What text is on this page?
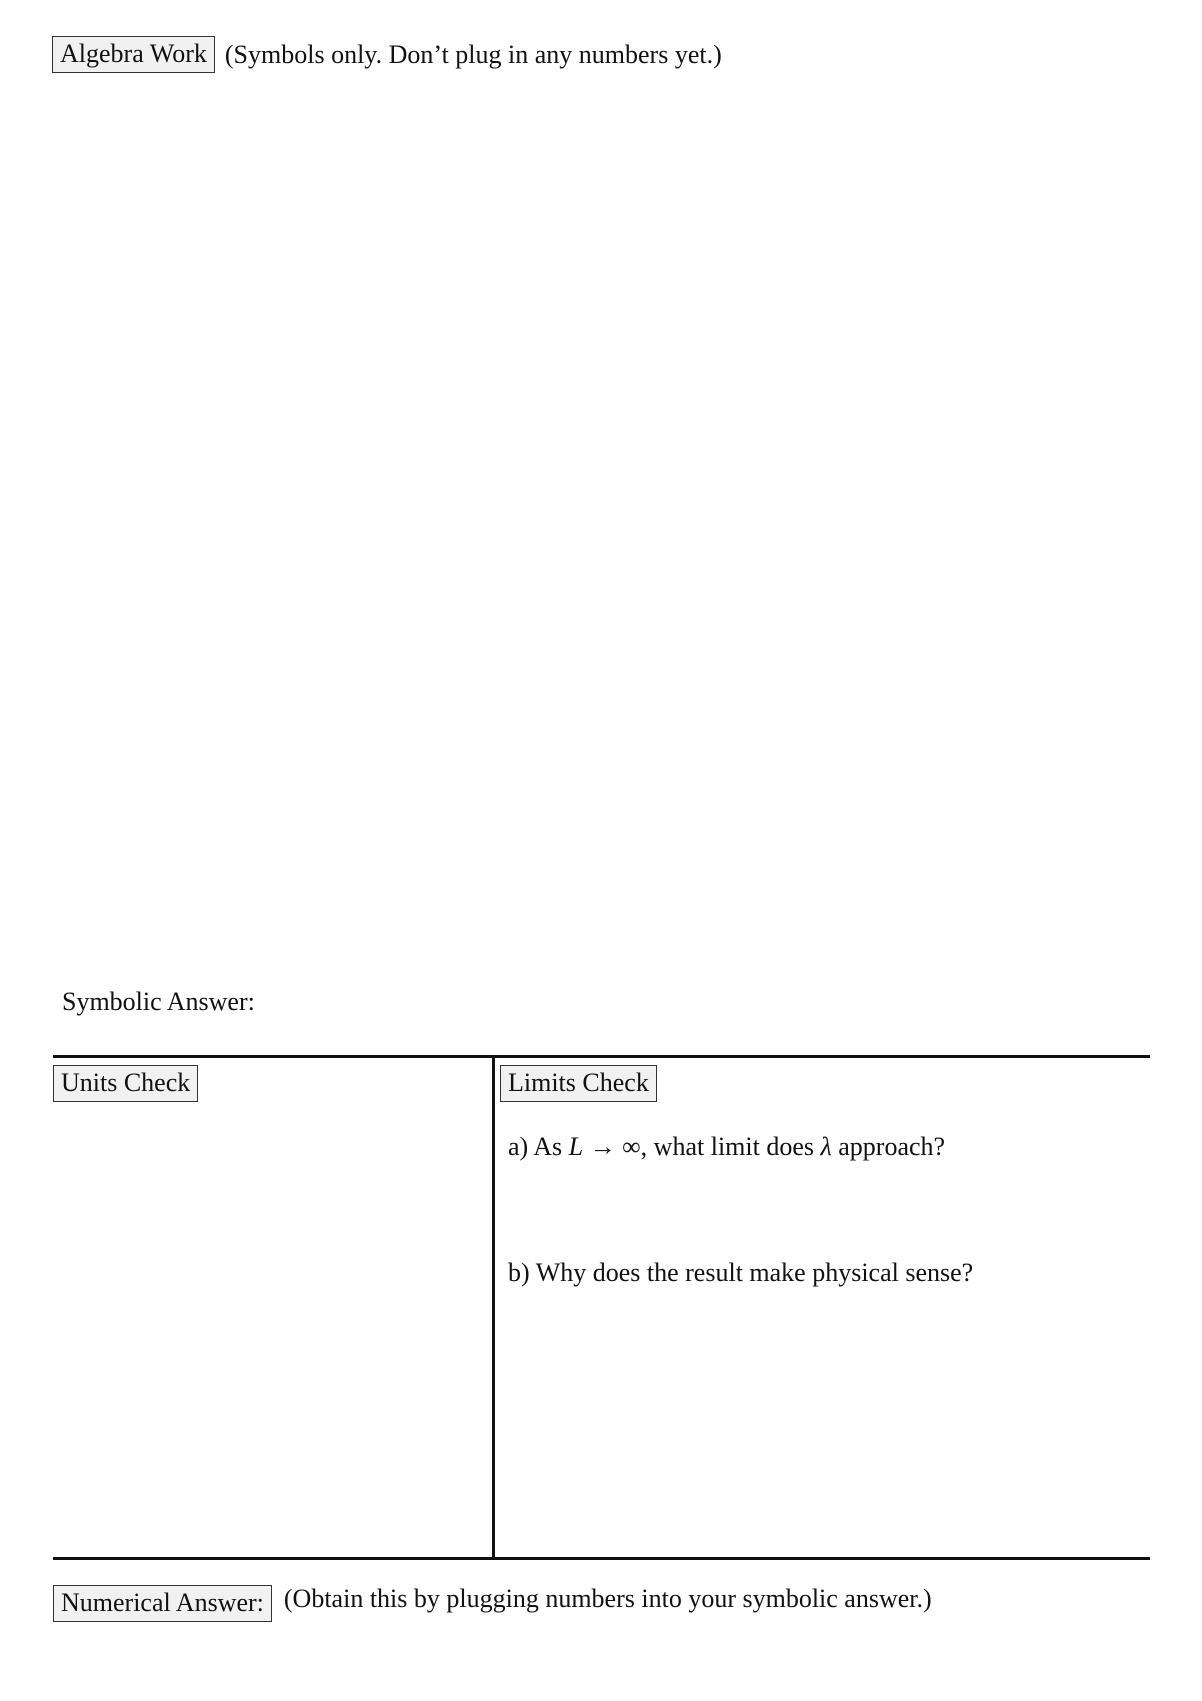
Algebra Work (Symbols only. Don’t plug in any numbers yet.)
Symbolic Answer:
Units Check	Limits Check
a) As L → ∞, what limit does λ approach?
b) Why does the result make physical sense?
Numerical Answer: (Obtain this by plugging numbers into your symbolic answer.)
